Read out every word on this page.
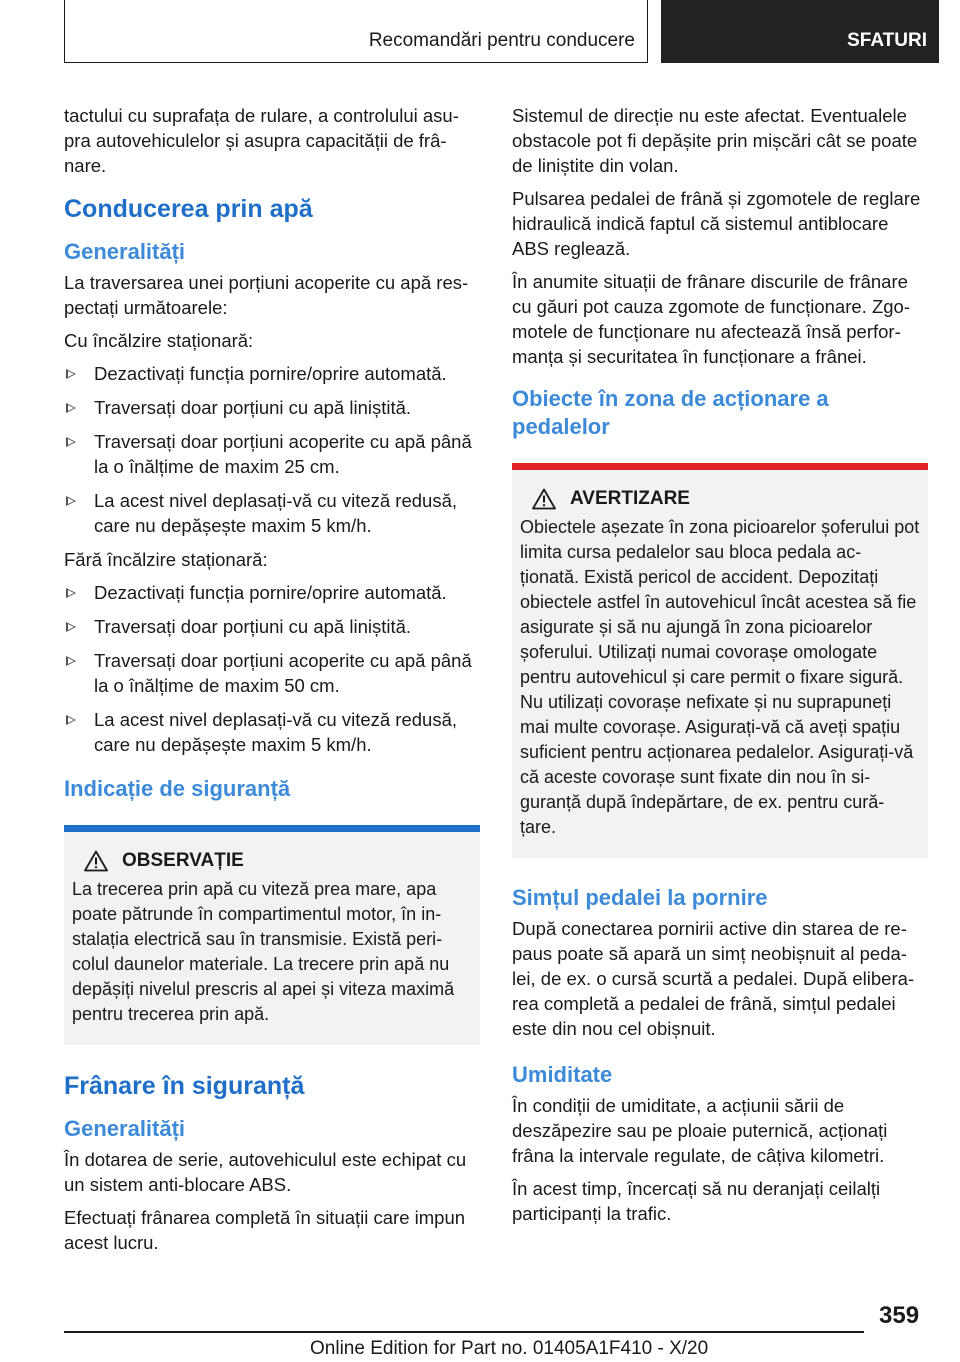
Recomandări pentru conducere	SFATURI

tactului cu suprafața de rulare, a controlului asu-pra autovehiculelor și asupra capacității de frâ-nare.

Conducerea prin apă
Generalități

La traversarea unei porțiuni acoperite cu apă res-pectați următoarele:

Cu încălzire staționară:

Dezactivați funcția pornire/oprire automată.
Traversați doar porțiuni cu apă liniștită.
Traversați doar porțiuni acoperite cu apă până la o înălțime de maxim 25 cm.
La acest nivel deplasați-vă cu viteză redusă, care nu depășește maxim 5 km/h.

Fără încălzire staționară:

Dezactivați funcția pornire/oprire automată.
Traversați doar porțiuni cu apă liniștită.
Traversați doar porțiuni acoperite cu apă până la o înălțime de maxim 50 cm.
La acest nivel deplasați-vă cu viteză redusă, care nu depășește maxim 5 km/h.
Indicație de siguranță
OBSERVAȚIE

La trecerea prin apă cu viteză prea mare, apa poate pătrunde în compartimentul motor, în in-stalația electrică sau în transmisie. Există peri-colul daunelor materiale. La trecere prin apă nu depășiți nivelul prescris al apei și viteza maximă pentru trecerea prin apă.

Frânare în siguranță
Generalități

În dotarea de serie, autovehiculul este echipat cu un sistem anti-blocare ABS.

Efectuați frânarea completă în situații care impun acest lucru.

Sistemul de direcție nu este afectat. Eventualele obstacole pot fi depășite prin mișcări cât se poate de liniștite din volan.

Pulsarea pedalei de frână și zgomotele de reglare hidraulică indică faptul că sistemul antiblocare ABS reglează.

În anumite situații de frânare discurile de frânare cu găuri pot cauza zgomote de funcționare. Zgo-motele de funcționare nu afectează însă perfor-manța și securitatea în funcționare a frânei.

Obiecte în zona de acționare a pedalelor
AVERTIZARE

Obiectele așezate în zona picioarelor șoferului pot limita cursa pedalelor sau bloca pedala ac-ționată. Există pericol de accident. Depozitați obiectele astfel în autovehicul încât acestea să fie asigurate și să nu ajungă în zona picioarelor șoferului. Utilizați numai covorașe omologate pentru autovehicul și care permit o fixare sigură. Nu utilizați covorașe nefixate și nu suprapuneți mai multe covorașe. Asigurați-vă că aveți spațiu suficient pentru acționarea pedalelor. Asigurați-vă că aceste covorașe sunt fixate din nou în si-guranță după îndepărtare, de ex. pentru cură-țare.

Simțul pedalei la pornire

După conectarea pornirii active din starea de re-paus poate să apară un simț neobișnuit al peda-lei, de ex. o cursă scurtă a pedalei. După elibera-rea completă a pedalei de frână, simțul pedalei este din nou cel obișnuit.

Umiditate

În condiții de umiditate, a acțiunii sării de deszăpezire sau pe ploaie puternică, acționați frâna la intervale regulate, de câțiva kilometri.

În acest timp, încercați să nu deranjați ceilalți participanți la trafic.

359
Online Edition for Part no. 01405A1F410 - X/20
